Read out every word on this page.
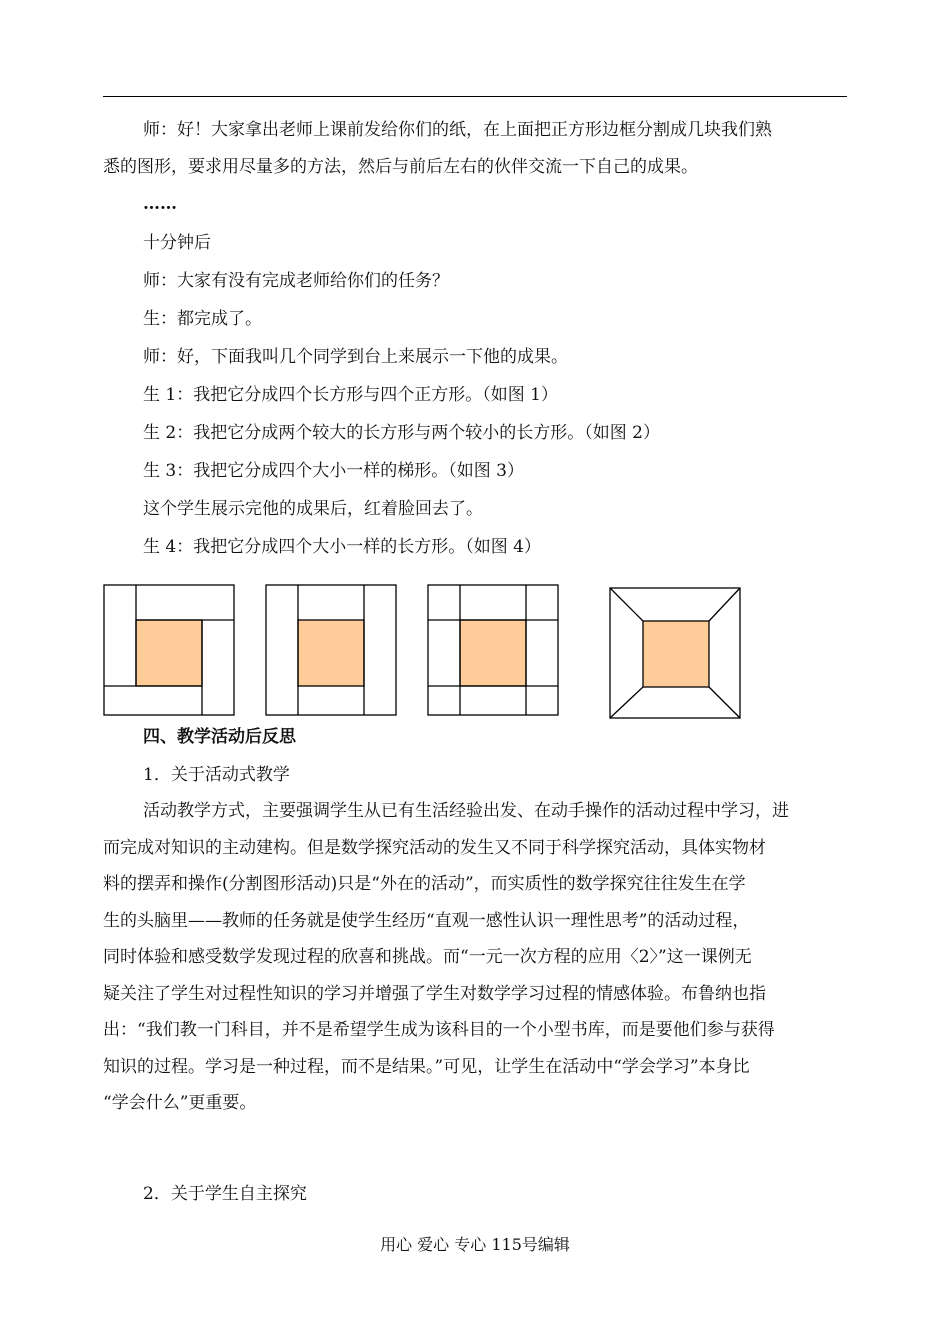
师：好！大家拿出老师上课前发给你们的纸，在上面把正方形边框分割成几块我们熟
悉的图形，要求用尽量多的方法，然后与前后左右的伙伴交流一下自己的成果。
……
十分钟后
师：大家有没有完成老师给你们的任务？
生：都完成了。
师：好，下面我叫几个同学到台上来展示一下他的成果。
生 1：我把它分成四个长方形与四个正方形。（如图 1）
生 2：我把它分成两个较大的长方形与两个较小的长方形。（如图 2）
生 3：我把它分成四个大小一样的梯形。（如图 3）
这个学生展示完他的成果后，红着脸回去了。
生 4：我把它分成四个大小一样的长方形。（如图 4）
四、教学活动后反思
1．关于活动式教学
活动教学方式，主要强调学生从已有生活经验出发、在动手操作的活动过程中学习，进
而完成对知识的主动建构。但是数学探究活动的发生又不同于科学探究活动，具体实物材
料的摆弄和操作(分割图形活动)只是“外在的活动”，而实质性的数学探究往往发生在学
生的头脑里——教师的任务就是使学生经历“直观一感性认识一理性思考”的活动过程，
同时体验和感受数学发现过程的欣喜和挑战。而“一元一次方程的应用〈2〉”这一课例无
疑关注了学生对过程性知识的学习并增强了学生对数学学习过程的情感体验。布鲁纳也指
出：“我们教一门科目，并不是希望学生成为该科目的一个小型书库，而是要他们参与获得
知识的过程。学习是一种过程，而不是结果。”可见，让学生在活动中“学会学习”本身比
“学会什么”更重要。
2．关于学生自主探究
用心 爱心 专心 115号编辑
